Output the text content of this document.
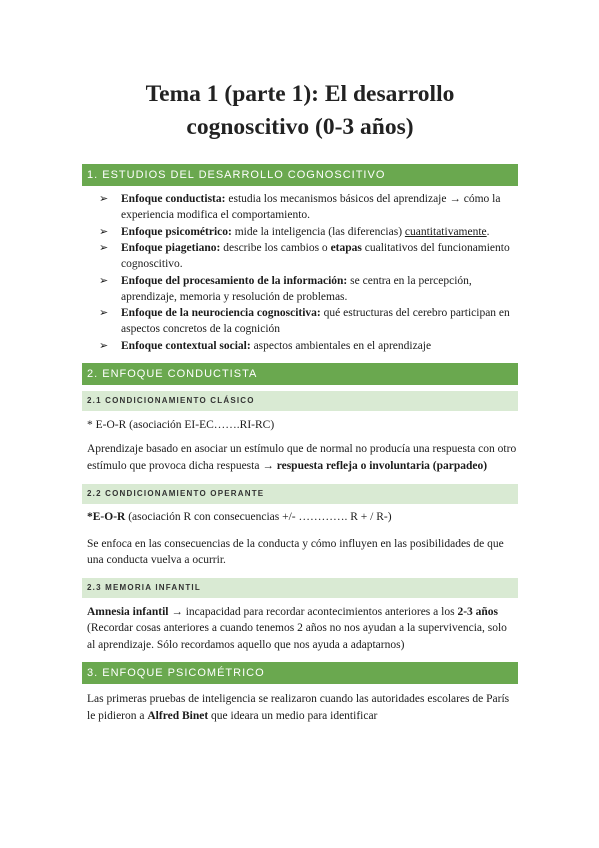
Tema 1 (parte 1): El desarrollo
cognoscitivo (0-3 años)
1. ESTUDIOS DEL DESARROLLO COGNOSCITIVO
➢ Enfoque conductista: estudia los mecanismos básicos del aprendizaje → cómo la experiencia modifica el comportamiento.
➢ Enfoque psicométrico: mide la inteligencia (las diferencias) cuantitativamente.
➢ Enfoque piagetiano: describe los cambios o etapas cualitativos del funcionamiento cognoscitivo.
➢ Enfoque del procesamiento de la información: se centra en la percepción, aprendizaje, memoria y resolución de problemas.
➢ Enfoque de la neurociencia cognoscitiva: qué estructuras del cerebro participan en aspectos concretos de la cognición
➢ Enfoque contextual social: aspectos ambientales en el aprendizaje
2. ENFOQUE CONDUCTISTA
2.1 CONDICIONAMIENTO CLÁSICO

* E-O-R (asociación EI-EC…….RI-RC)

Aprendizaje basado en asociar un estímulo que de normal no producía una respuesta con otro estímulo que provoca dicha respuesta → respuesta refleja o involuntaria (parpadeo)

2.2 CONDICIONAMIENTO OPERANTE

*E-O-R (asociación R con consecuencias +/- …………. R + / R-)

Se enfoca en las consecuencias de la conducta y cómo influyen en las posibilidades de que una conducta vuelva a ocurrir.

2.3 MEMORIA INFANTIL

Amnesia infantil → incapacidad para recordar acontecimientos anteriores a los 2-3 años (Recordar cosas anteriores a cuando tenemos 2 años no nos ayudan a la supervivencia, solo al aprendizaje. Sólo recordamos aquello que nos ayuda a adaptarnos)

3. ENFOQUE PSICOMÉTRICO

Las primeras pruebas de inteligencia se realizaron cuando las autoridades escolares de París le pidieron a Alfred Binet que ideara un medio para identificar
